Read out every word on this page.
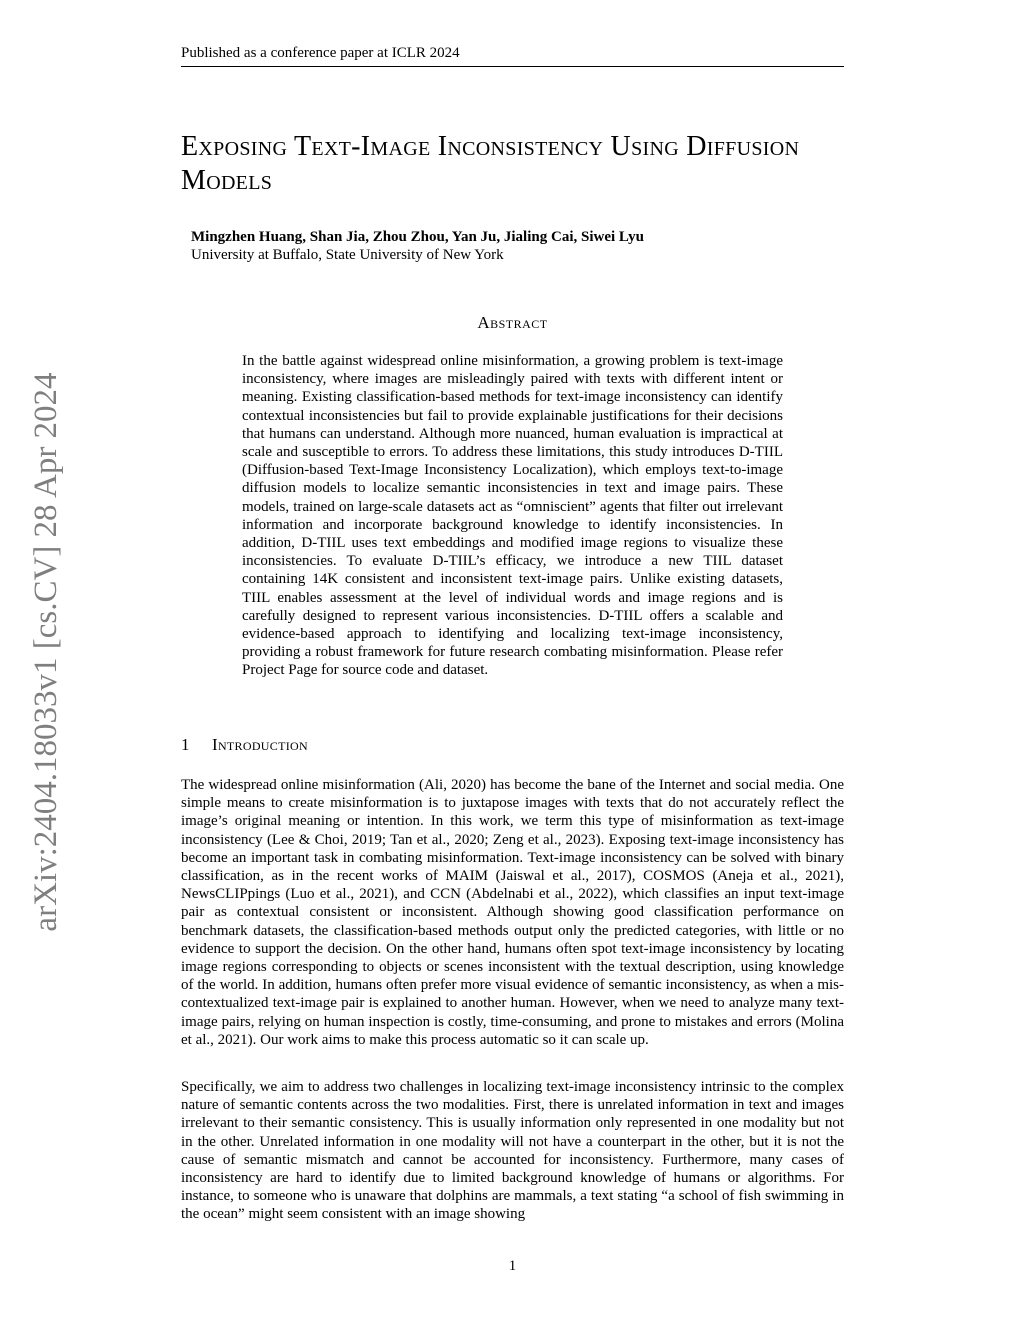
Published as a conference paper at ICLR 2024
arXiv:2404.18033v1 [cs.CV] 28 Apr 2024
Exposing Text-Image Inconsistency Using Diffusion Models
Mingzhen Huang, Shan Jia, Zhou Zhou, Yan Ju, Jialing Cai, Siwei Lyu
University at Buffalo, State University of New York
Abstract
In the battle against widespread online misinformation, a growing problem is text-image inconsistency, where images are misleadingly paired with texts with different intent or meaning. Existing classification-based methods for text-image inconsistency can identify contextual inconsistencies but fail to provide explainable justifications for their decisions that humans can understand. Although more nuanced, human evaluation is impractical at scale and susceptible to errors. To address these limitations, this study introduces D-TIIL (Diffusion-based Text-Image Inconsistency Localization), which employs text-to-image diffusion models to localize semantic inconsistencies in text and image pairs. These models, trained on large-scale datasets act as “omniscient” agents that filter out irrelevant information and incorporate background knowledge to identify inconsistencies. In addition, D-TIIL uses text embeddings and modified image regions to visualize these inconsistencies. To evaluate D-TIIL’s efficacy, we introduce a new TIIL dataset containing 14K consistent and inconsistent text-image pairs. Unlike existing datasets, TIIL enables assessment at the level of individual words and image regions and is carefully designed to represent various inconsistencies. D-TIIL offers a scalable and evidence-based approach to identifying and localizing text-image inconsistency, providing a robust framework for future research combating misinformation. Please refer Project Page for source code and dataset.
1 Introduction

The widespread online misinformation (Ali, 2020) has become the bane of the Internet and social media. One simple means to create misinformation is to juxtapose images with texts that do not accurately reflect the image’s original meaning or intention. In this work, we term this type of misinformation as text-image inconsistency (Lee & Choi, 2019; Tan et al., 2020; Zeng et al., 2023). Exposing text-image inconsistency has become an important task in combating misinformation. Text-image inconsistency can be solved with binary classification, as in the recent works of MAIM (Jaiswal et al., 2017), COSMOS (Aneja et al., 2021), NewsCLIPpings (Luo et al., 2021), and CCN (Abdelnabi et al., 2022), which classifies an input text-image pair as contextual consistent or inconsistent. Although showing good classification performance on benchmark datasets, the classification-based methods output only the predicted categories, with little or no evidence to support the decision. On the other hand, humans often spot text-image inconsistency by locating image regions corresponding to objects or scenes inconsistent with the textual description, using knowledge of the world. In addition, humans often prefer more visual evidence of semantic inconsistency, as when a mis-contextualized text-image pair is explained to another human. However, when we need to analyze many text-image pairs, relying on human inspection is costly, time-consuming, and prone to mistakes and errors (Molina et al., 2021). Our work aims to make this process automatic so it can scale up.

Specifically, we aim to address two challenges in localizing text-image inconsistency intrinsic to the complex nature of semantic contents across the two modalities. First, there is unrelated information in text and images irrelevant to their semantic consistency. This is usually information only represented in one modality but not in the other. Unrelated information in one modality will not have a counterpart in the other, but it is not the cause of semantic mismatch and cannot be accounted for inconsistency. Furthermore, many cases of inconsistency are hard to identify due to limited background knowledge of humans or algorithms. For instance, to someone who is unaware that dolphins are mammals, a text stating “a school of fish swimming in the ocean” might seem consistent with an image showing

1
